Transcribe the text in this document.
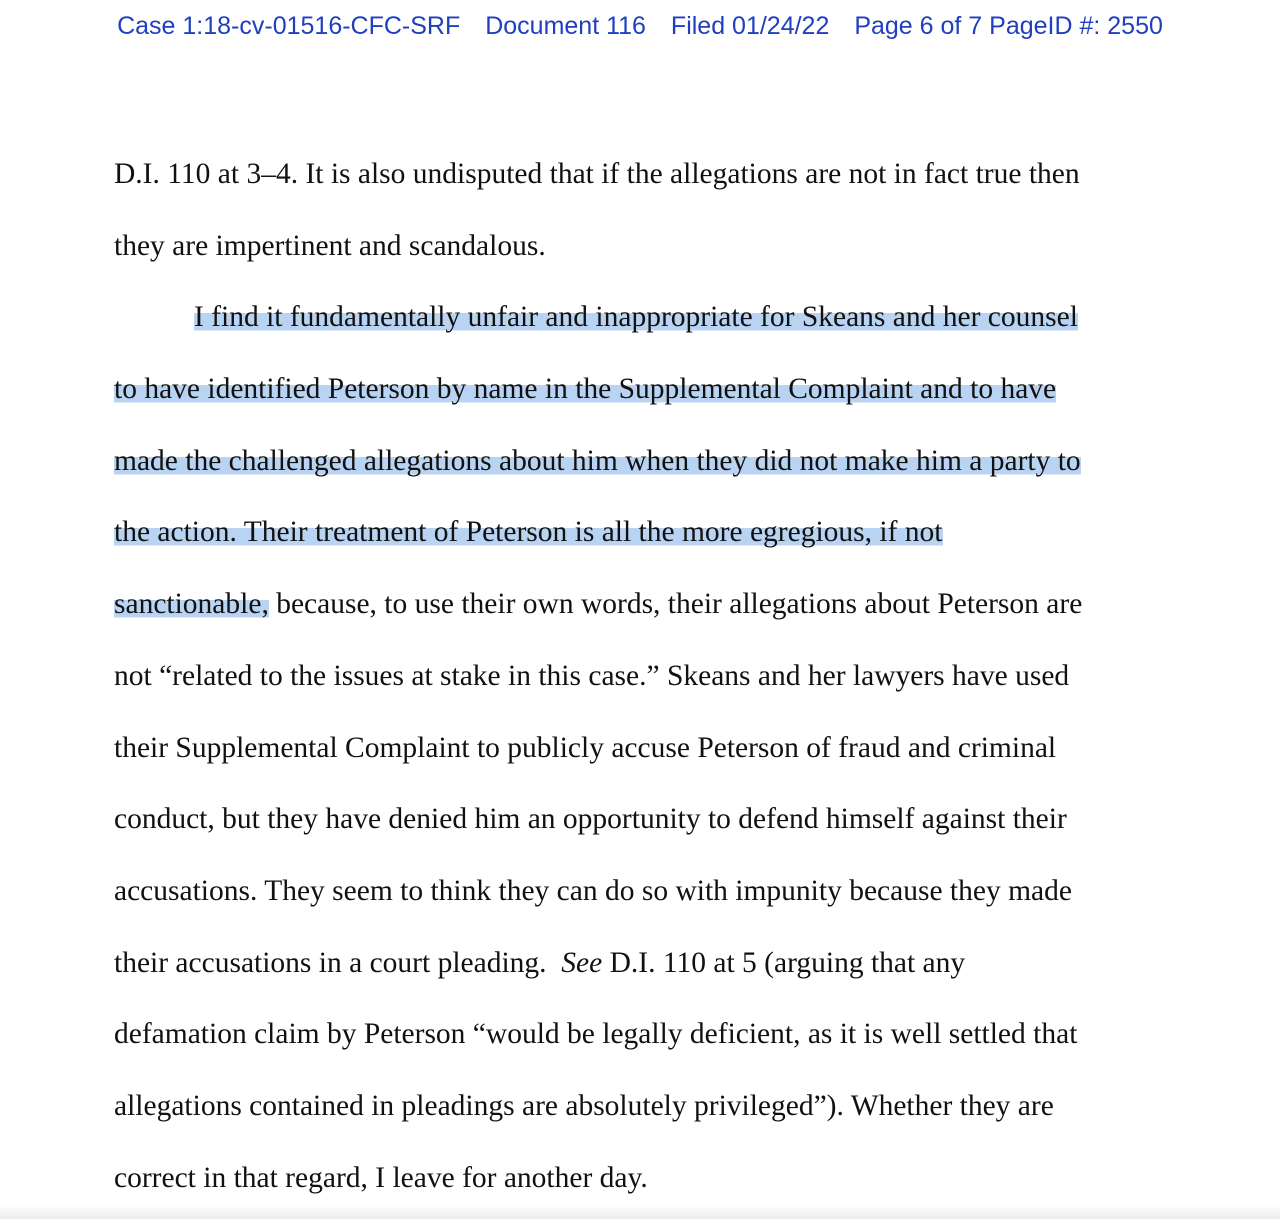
Case 1:18-cv-01516-CFC-SRF Document 116 Filed 01/24/22 Page 6 of 7 PageID #: 2550
D.I. 110 at 3–4. It is also undisputed that if the allegations are not in fact true then
they are impertinent and scandalous.
I find it fundamentally unfair and inappropriate for Skeans and her counsel
to have identified Peterson by name in the Supplemental Complaint and to have
made the challenged allegations about him when they did not make him a party to
the action. Their treatment of Peterson is all the more egregious, if not
sanctionable, because, to use their own words, their allegations about Peterson are
not “related to the issues at stake in this case.” Skeans and her lawyers have used
their Supplemental Complaint to publicly accuse Peterson of fraud and criminal
conduct, but they have denied him an opportunity to defend himself against their
accusations. They seem to think they can do so with impunity because they made
their accusations in a court pleading.  See D.I. 110 at 5 (arguing that any
defamation claim by Peterson “would be legally deficient, as it is well settled that
allegations contained in pleadings are absolutely privileged”). Whether they are
correct in that regard, I leave for another day.
